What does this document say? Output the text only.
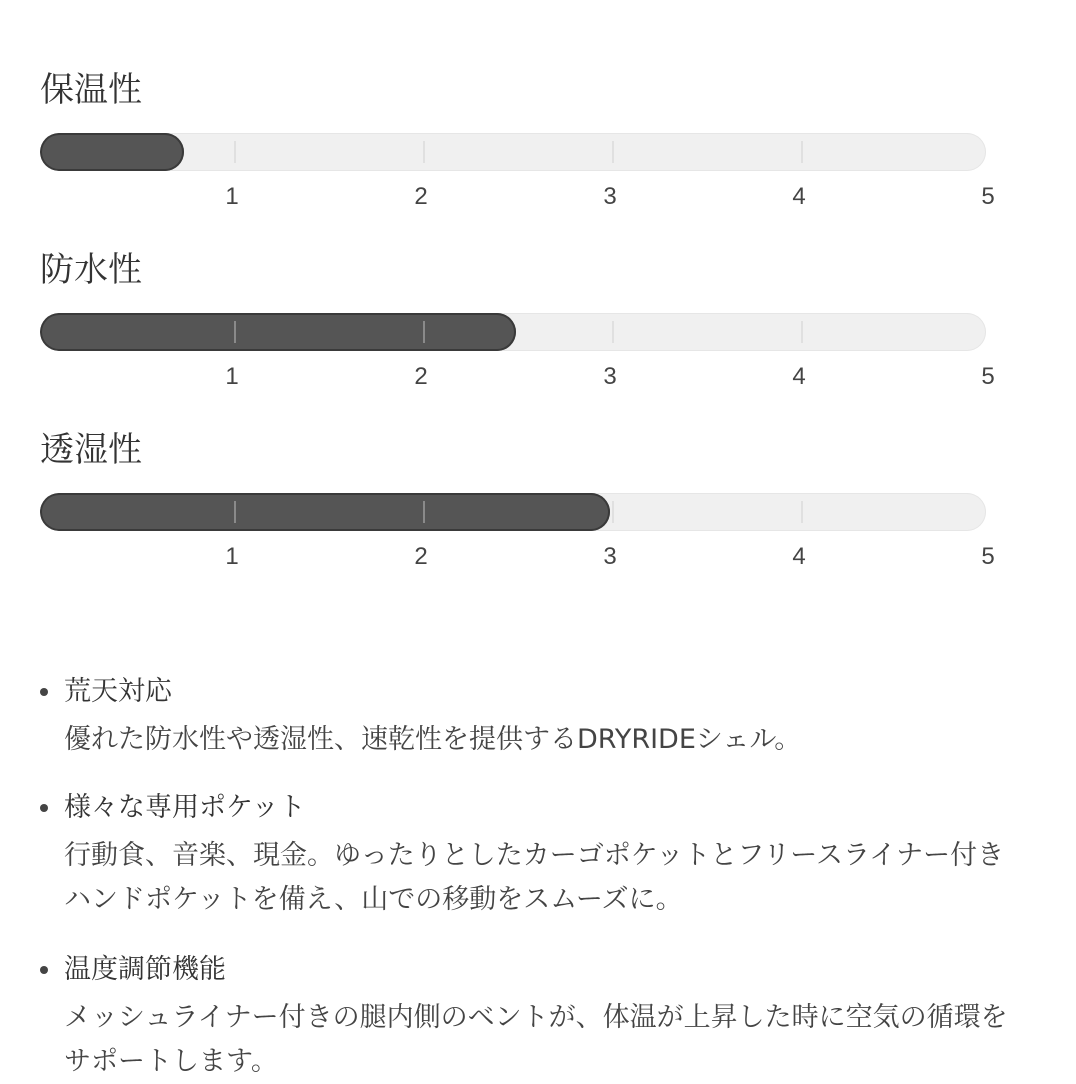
保温性
1	2	3	4	5
防水性
1	2	3	4	5
透湿性
1	2	3	4	5
荒天対応
優れた防水性や透湿性、速乾性を提供するDRYRIDEシェル。
様々な専用ポケット
行動食、音楽、現金。ゆったりとしたカーゴポケットとフリースライナー付き
ハンドポケットを備え、山での移動をスムーズに。
温度調節機能
メッシュライナー付きの腿内側のベントが、体温が上昇した時に空気の循環を
サポートします。
